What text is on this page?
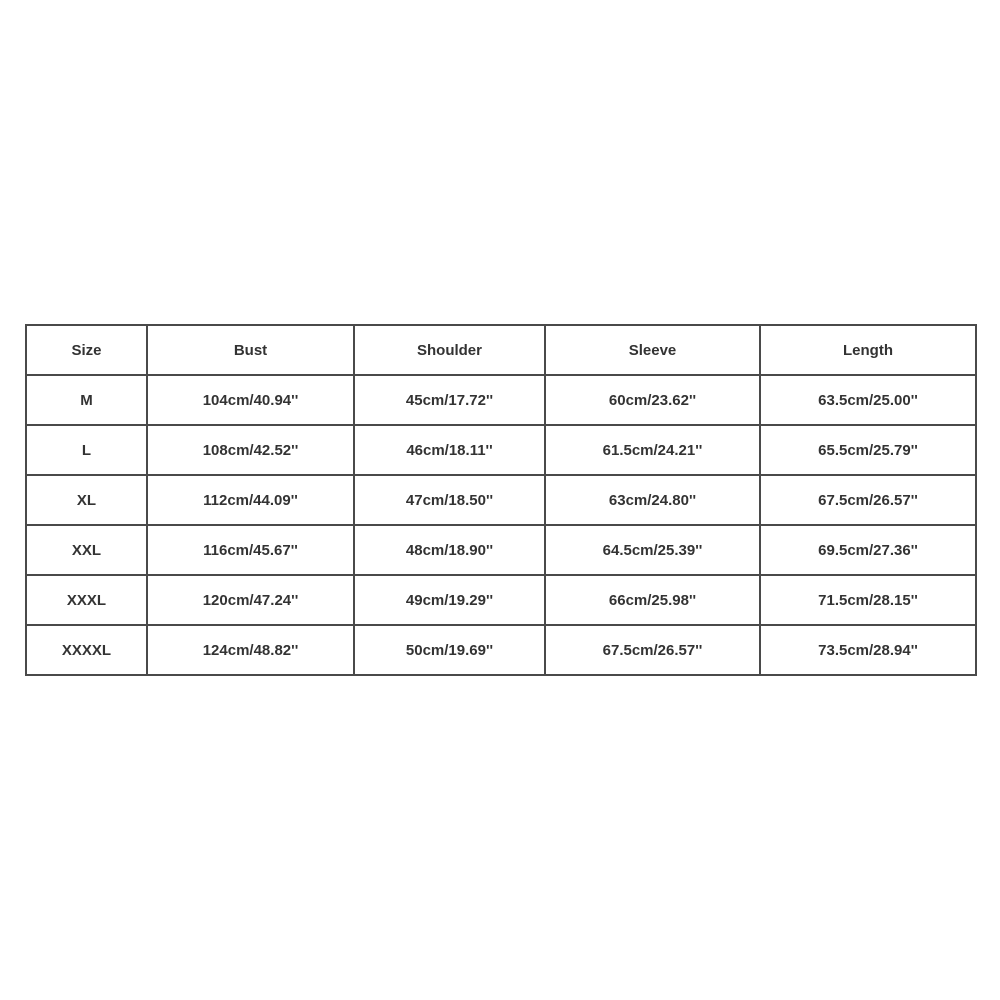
Size	Bust	Shoulder	Sleeve	Length
M	104cm/40.94''	45cm/17.72''	60cm/23.62''	63.5cm/25.00''
L	108cm/42.52''	46cm/18.11''	61.5cm/24.21''	65.5cm/25.79''
XL	112cm/44.09''	47cm/18.50''	63cm/24.80''	67.5cm/26.57''
XXL	116cm/45.67''	48cm/18.90''	64.5cm/25.39''	69.5cm/27.36''
XXXL	120cm/47.24''	49cm/19.29''	66cm/25.98''	71.5cm/28.15''
XXXXL	124cm/48.82''	50cm/19.69''	67.5cm/26.57''	73.5cm/28.94''
